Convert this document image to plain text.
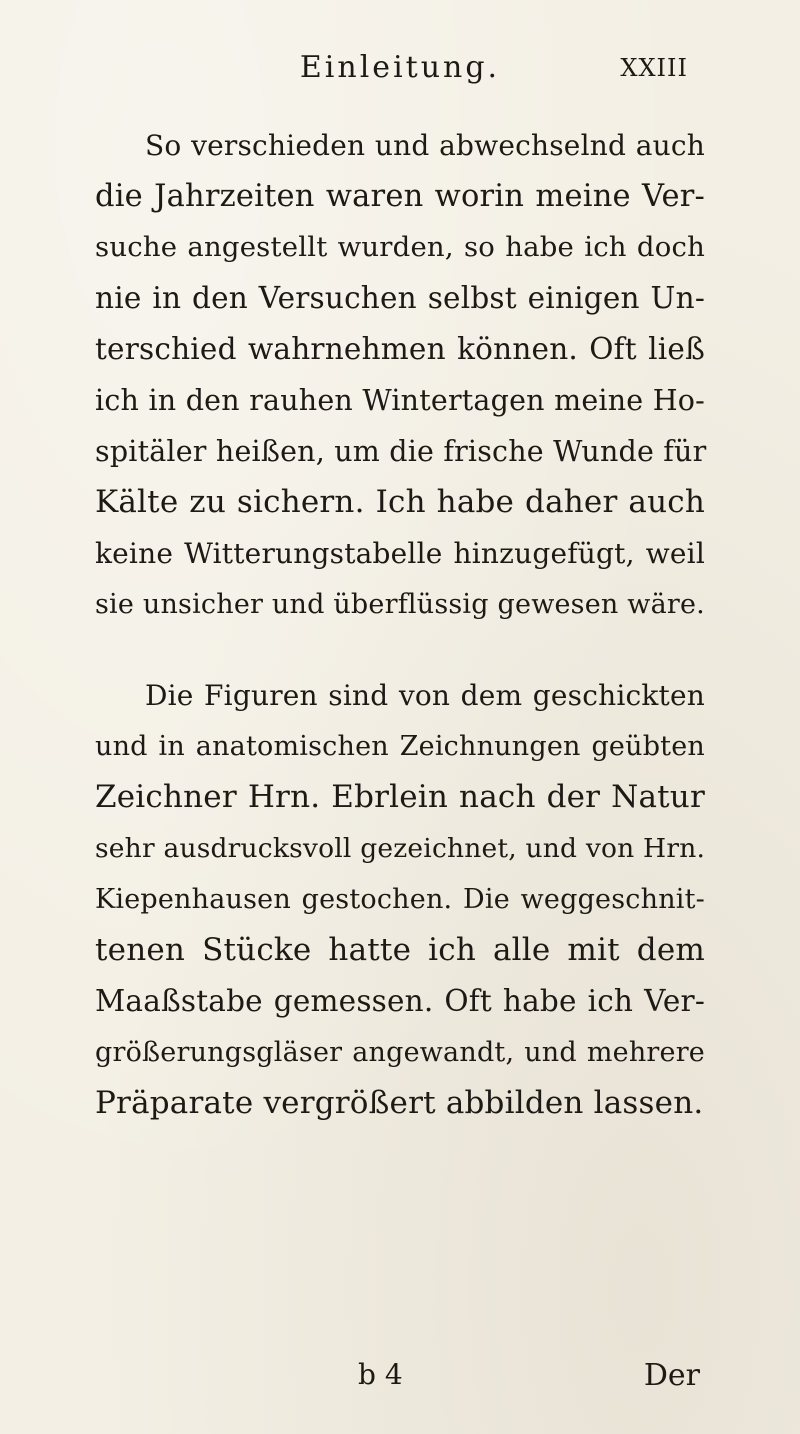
Einleitung.	XXIII
So verschieden und abwechselnd auch
die Jahrzeiten waren worin meine Ver-
suche angestellt wurden, so habe ich doch
nie in den Versuchen selbst einigen Un-
terschied wahrnehmen können. Oft ließ
ich in den rauhen Wintertagen meine Ho-
spitäler heißen, um die frische Wunde für
Kälte zu sichern. Ich habe daher auch
keine Witterungstabelle hinzugefügt, weil
sie unsicher und überflüssig gewesen wäre.
Die Figuren sind von dem geschickten
und in anatomischen Zeichnungen geübten
Zeichner Hrn. Ebrlein nach der Natur
sehr ausdrucksvoll gezeichnet, und von Hrn.
Kiepenhausen gestochen. Die weggeschnit-
tenen Stücke hatte ich alle mit dem
Maaßstabe gemessen. Oft habe ich Ver-
größerungsgläser angewandt, und mehrere
Präparate vergrößert abbilden lassen.
b 4	Der
